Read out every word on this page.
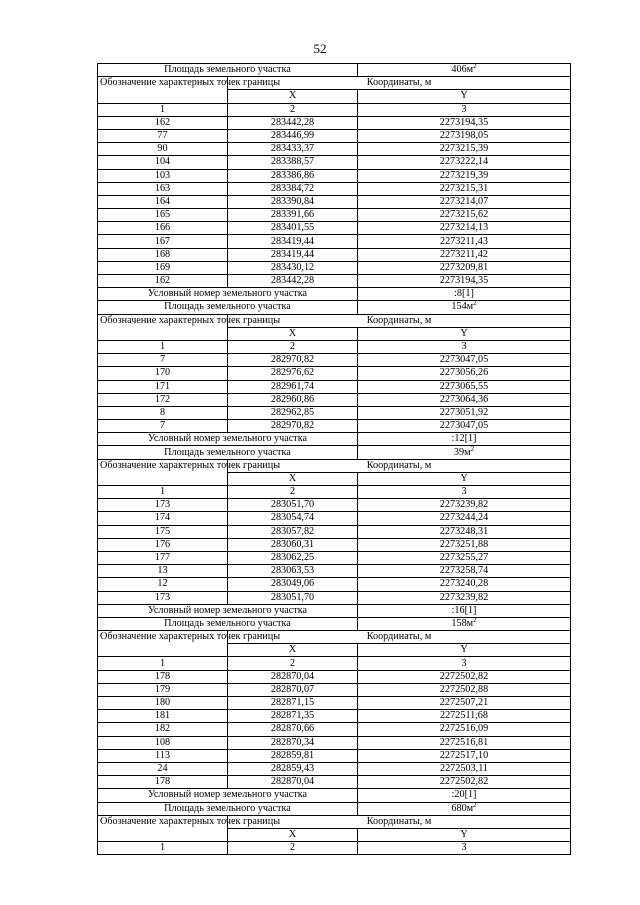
52
Площадь земельного участка		$406м^2$
Обозначение характерных точек границы	Координаты, м	
	X	Y
1	2	3
162	283442,28	2273194,35
77	283446,99	2273198,05
90	283433,37	2273215,39
104	283388,57	2273222,14
103	283386,86	2273219,39
163	283384,72	2273215,31
164	283390,84	2273214,07
165	283391,66	2273215,62
166	283401,55	2273214,13
167	283419,44	2273211,43
168	283419,44	2273211,42
169	283430,12	2273209,81
162	283442,28	2273194,35
Условный номер земельного участка		:8[1]
Площадь земельного участка		$154м^2$
Обозначение характерных точек границы	Координаты, м	
	X	Y
1	2	3
7	282970,82	2273047,05
170	282976,62	2273056,26
171	282961,74	2273065,55
172	282960,86	2273064,36
8	282962,85	2273051,92
7	282970,82	2273047,05
Условный номер земельного участка		:12[1]
Площадь земельного участка		$39м^2$
Обозначение характерных точек границы	Координаты, м	
	X	Y
1	2	3
173	283051,70	2273239,82
174	283054,74	2273244,24
175	283057,82	2273248,31
176	283060,31	2273251,88
177	283062,25	2273255,27
13	283063,53	2273258,74
12	283049,06	2273240,28
173	283051,70	2273239,82
Условный номер земельного участка		:16[1]
Площадь земельного участка		$158м^2$
Обозначение характерных точек границы	Координаты, м	
	X	Y
1	2	3
178	282870,04	2272502,82
179	282870,07	2272502,88
180	282871,15	2272507,21
181	282871,35	2272511,68
182	282870,66	2272516,09
108	282870,34	2272516,81
113	282859,81	2272517,10
24	282859,43	2272503,11
178	282870,04	2272502,82
Условный номер земельного участка		:20[1]
Площадь земельного участка		$680м^2$
Обозначение характерных точек границы	Координаты, м	
	X	Y
1	2	3
